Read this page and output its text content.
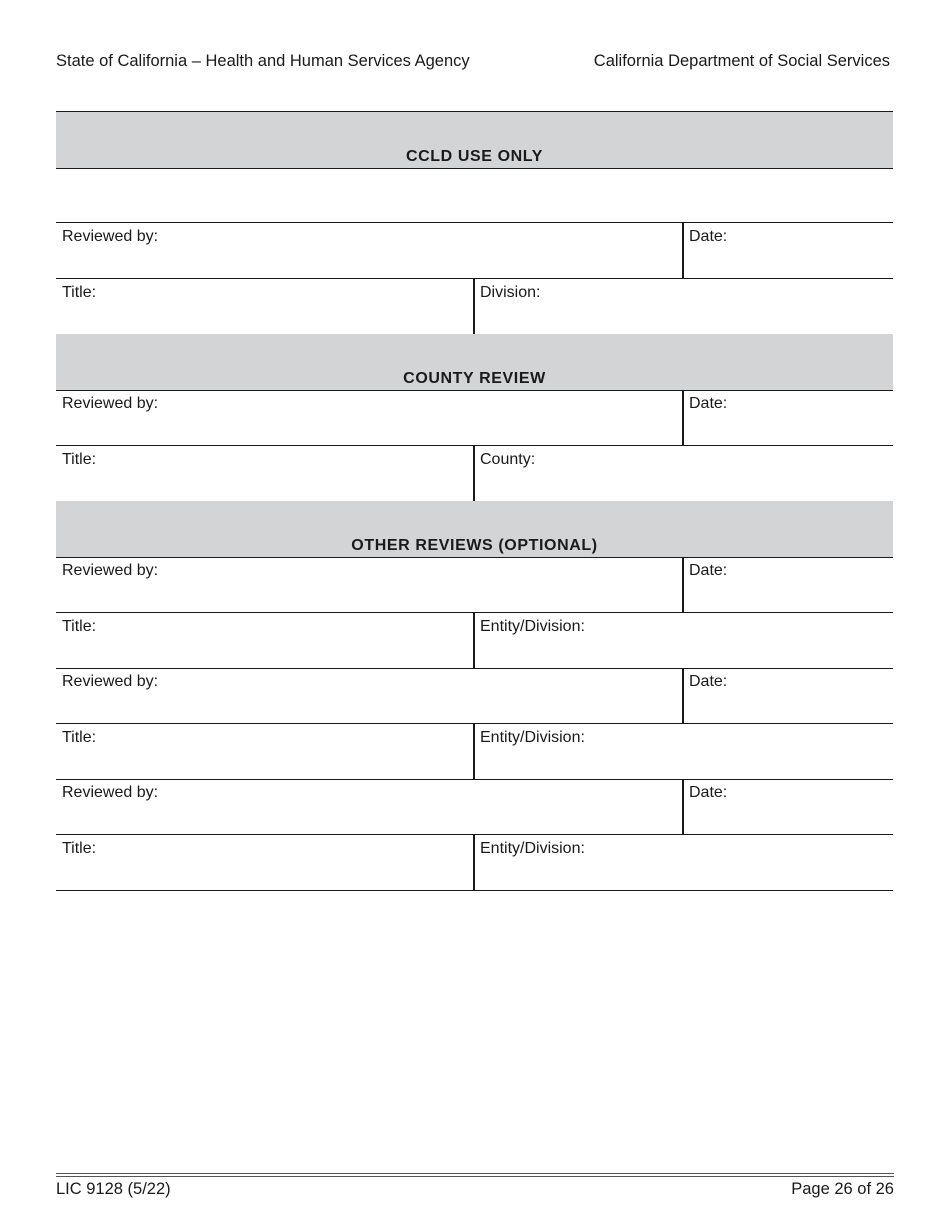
State of California – Health and Human Services Agency	California Department of Social Services
CCLD USE ONLY
Reviewed by:	Date:
Title:	Division:
COUNTY REVIEW
Reviewed by:	Date:
Title:	County:
OTHER REVIEWS (OPTIONAL)
Reviewed by:	Date:
Title:	Entity/Division:
Reviewed by:	Date:
Title:	Entity/Division:
Reviewed by:	Date:
Title:	Entity/Division:
LIC 9128 (5/22)	Page 26 of 26
